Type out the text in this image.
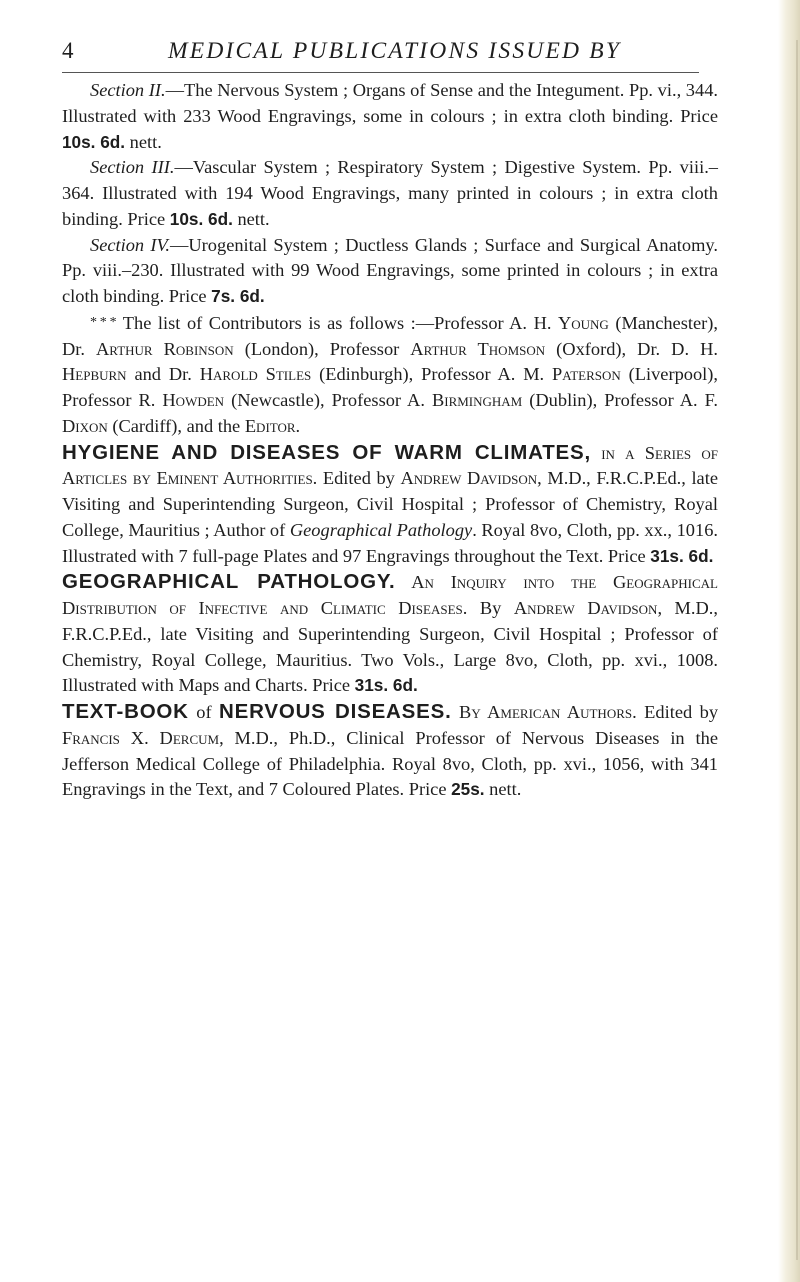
4	MEDICAL PUBLICATIONS ISSUED BY

Section II.—The Nervous System ; Organs of Sense and the Integument. Pp. vi., 344. Illustrated with 233 Wood Engravings, some in colours ; in extra cloth binding. Price 10s. 6d. nett.

Section III.—Vascular System ; Respiratory System ; Digestive System. Pp. viii.–364. Illustrated with 194 Wood Engravings, many printed in colours ; in extra cloth binding. Price 10s. 6d. nett.

Section IV.—Urogenital System ; Ductless Glands ; Surface and Surgical Anatomy. Pp. viii.–230. Illustrated with 99 Wood Engravings, some printed in colours ; in extra cloth binding. Price 7s. 6d.

* * * The list of Contributors is as follows :—Professor A. H. Young (Manchester), Dr. Arthur Robinson (London), Professor Arthur Thomson (Oxford), Dr. D. H. Hepburn and Dr. Harold Stiles (Edinburgh), Professor A. M. Paterson (Liverpool), Professor R. Howden (Newcastle), Professor A. Birmingham (Dublin), Professor A. F. Dixon (Cardiff), and the Editor.

HYGIENE AND DISEASES OF WARM CLIMATES, in a Series of Articles by Eminent Authorities. Edited by Andrew Davidson, M.D., F.R.C.P.Ed., late Visiting and Superintending Surgeon, Civil Hospital ; Professor of Chemistry, Royal College, Mauritius ; Author of Geographical Pathology. Royal 8vo, Cloth, pp. xx., 1016. Illustrated with 7 full-page Plates and 97 Engravings throughout the Text. Price 31s. 6d.

GEOGRAPHICAL PATHOLOGY. An Inquiry into the Geographical Distribution of Infective and Climatic Diseases. By Andrew Davidson, M.D., F.R.C.P.Ed., late Visiting and Superintending Surgeon, Civil Hospital ; Professor of Chemistry, Royal College, Mauritius. Two Vols., Large 8vo, Cloth, pp. xvi., 1008. Illustrated with Maps and Charts. Price 31s. 6d.

TEXT-BOOK of NERVOUS DISEASES. By American Authors. Edited by Francis X. Dercum, M.D., Ph.D., Clinical Professor of Nervous Diseases in the Jefferson Medical College of Philadelphia. Royal 8vo, Cloth, pp. xvi., 1056, with 341 Engravings in the Text, and 7 Coloured Plates. Price 25s. nett.
